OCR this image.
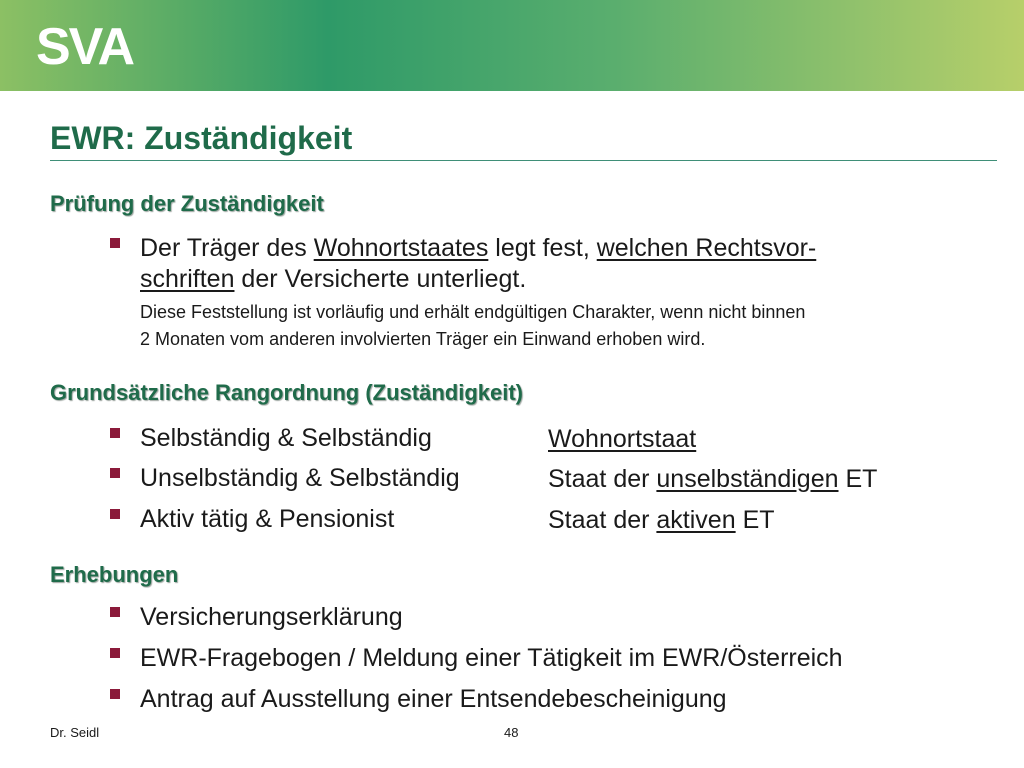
SVA
EWR: Zuständigkeit
Prüfung der Zuständigkeit
Der Träger des Wohnortstaates legt fest, welchen Rechtsvor-
schriften der Versicherte unterliegt.
Diese Feststellung ist vorläufig und erhält endgültigen Charakter, wenn nicht binnen
2 Monaten vom anderen involvierten Träger ein Einwand erhoben wird.
Grundsätzliche Rangordnung (Zuständigkeit)
Selbständig & Selbständig	Wohnortstaat
Unselbständig & Selbständig	Staat der unselbständigen ET
Aktiv tätig & Pensionist	Staat der aktiven ET
Erhebungen
Versicherungserklärung
EWR-Fragebogen / Meldung einer Tätigkeit im EWR/Österreich
Antrag auf Ausstellung einer Entsendebescheinigung
Dr. Seidl	48
